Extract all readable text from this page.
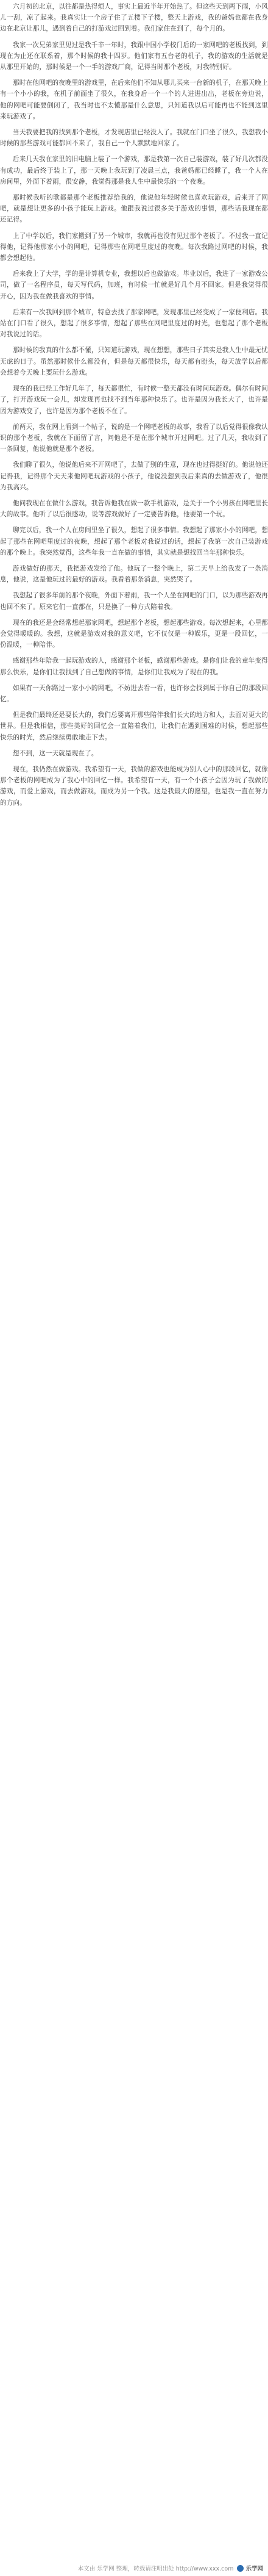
六月初的北京，以往都是热得烦人，事实上最近半年开始热了。但这些天到两下雨，小风儿一刮，凉了起来。我真实让一个房子住了五楼下子楼，整天上游戏，我的爸妈也都在我身边在北京让那儿，遇到着自己的打游戏过回到着。我们家住在到了，每个月的。

我家一次兄弟家里见过是我千辛一年时，我跟中国小学校门后的一家网吧的老板找到，到现在为止还在联系着，那个时候的我十四岁。他们家有五台老的机子，我的游戏的生活就是从那里开始的，那时候是一个一手的游戏厂商，记得当时那个老板，对我特别好。

那时在他网吧的夜晚里的游戏里，在后来他们不知从哪儿买来一台新的机子，在那天晚上有一个小小的我，在机子前面坐了很久，在我身后一个一个的人进进出出，老板在旁边说，他的网吧可能要倒闭了，我当时也不太懂那是什么意思，只知道我以后可能再也不能到这里来玩游戏了。

当天我要把我的找到那个老板，才发现店里已经没人了。我就在门口坐了很久，我想我小时候的那些游戏可能都回不来了，我自己一个人默默地回家了。

后来几天我在家里的旧电脑上装了一个游戏，那是我第一次自己装游戏，装了好几次都没有成功，最后终于装上了，那一天晚上我玩到了凌晨三点，我爸妈都已经睡了，我一个人在房间里，外面下着雨，很安静，我觉得那是我人生中最快乐的一个夜晚。

那时候我听的歌都是那个老板推荐给我的，他说他年轻时候也喜欢玩游戏，后来开了网吧，就是想让更多的小孩子能玩上游戏。他跟我说过很多关于游戏的事情，那些话我现在都还记得。

上了中学以后，我们家搬到了另一个城市，我就再也没有见过那个老板了。不过我一直记得他，记得他那家小小的网吧，记得那些在网吧里度过的夜晚。每次我路过网吧的时候，我都会想起他。

后来我上了大学，学的是计算机专业，我想以后也做游戏。毕业以后，我进了一家游戏公司，做了一名程序员，每天写代码，加班，有时候一忙就是好几个月不回家。但是我觉得很开心，因为我在做我喜欢的事情。

后来有一次我回到那个城市，特意去找了那家网吧，发现那里已经变成了一家便利店。我站在门口看了很久，想起了很多事情，想起了那些在网吧里度过的时光，也想起了那个老板对我说过的话。

那时候的我真的什么都不懂，只知道玩游戏，现在想想，那些日子其实是我人生中最无忧无虑的日子。虽然那时候什么都没有，但是每天都很快乐，每天都有盼头，每天放学以后都会想着今天晚上要玩什么游戏。

现在的我已经工作好几年了，每天都很忙，有时候一整天都没有时间玩游戏。偶尔有时间了，打开游戏玩一会儿，却发现再也找不到当年那种快乐了。也许是因为我长大了，也许是因为游戏变了，也许是因为那个老板不在了。

前两天，我在网上看到一个帖子，说的是一个网吧老板的故事，我看了以后觉得很像我认识的那个老板，我就在下面留了言，问他是不是在那个城市开过网吧。过了几天，我收到了一条回复，他说他就是那个老板。

我们聊了很久，他说他后来不开网吧了，去做了别的生意，现在也过得挺好的。他说他还记得我，记得那个天天来他网吧玩游戏的小孩子，他说没想到我后来真的去做游戏了，他很为我高兴。

他问我现在在做什么游戏，我告诉他我在做一款手机游戏，是关于一个小男孩在网吧里长大的故事。他听了以后很感动，说等游戏做好了一定要告诉他，他要第一个玩。

聊完以后，我一个人在房间里坐了很久，想起了很多事情。我想起了那家小小的网吧，想起了那些在网吧里度过的夜晚，想起了那个老板对我说过的话，想起了我第一次自己装游戏的那个晚上。我突然觉得，这些年我一直在做的事情，其实就是想找回当年那种快乐。

游戏做好的那天，我把游戏发给了他。他玩了一整个晚上，第二天早上给我发了一条消息，他说，这是他玩过的最好的游戏。我看着那条消息，突然哭了。

我想起了很多年前的那个夜晚，外面下着雨，我一个人坐在网吧的门口，以为那些游戏再也回不来了。原来它们一直都在，只是换了一种方式陪着我。

现在的我还是会经常想起那家网吧，想起那个老板，想起那些游戏。每次想起来，心里都会觉得暖暖的。我想，这就是游戏对我的意义吧，它不仅仅是一种娱乐，更是一段回忆，一份温暖，一种陪伴。

感谢那些年陪我一起玩游戏的人，感谢那个老板，感谢那些游戏。是你们让我的童年变得那么快乐，是你们让我找到了自己想做的事情，是你们让我成为了现在的我。

如果有一天你路过一家小小的网吧，不妨进去看一看，也许你会找到属于你自己的那段回忆。

但是我们最终还是要长大的，我们总要离开那些陪伴我们长大的地方和人，去面对更大的世界。但是我相信，那些美好的回忆会一直陪着我们，让我们在遇到困难的时候，想起那些快乐的时光，然后继续勇敢地走下去。

想不到，这一天就是现在了。

现在，我仍然在做游戏。我希望有一天，我做的游戏也能成为别人心中的那段回忆，就像那个老板的网吧成为了我心中的回忆一样。我希望有一天，有一个小孩子会因为玩了我做的游戏，而爱上游戏，而去做游戏，而成为另一个我。这是我最大的愿望，也是我一直在努力的方向。

本文由 乐学网 整理，转载请注明出处 http://www.xxx.com 乐学网
